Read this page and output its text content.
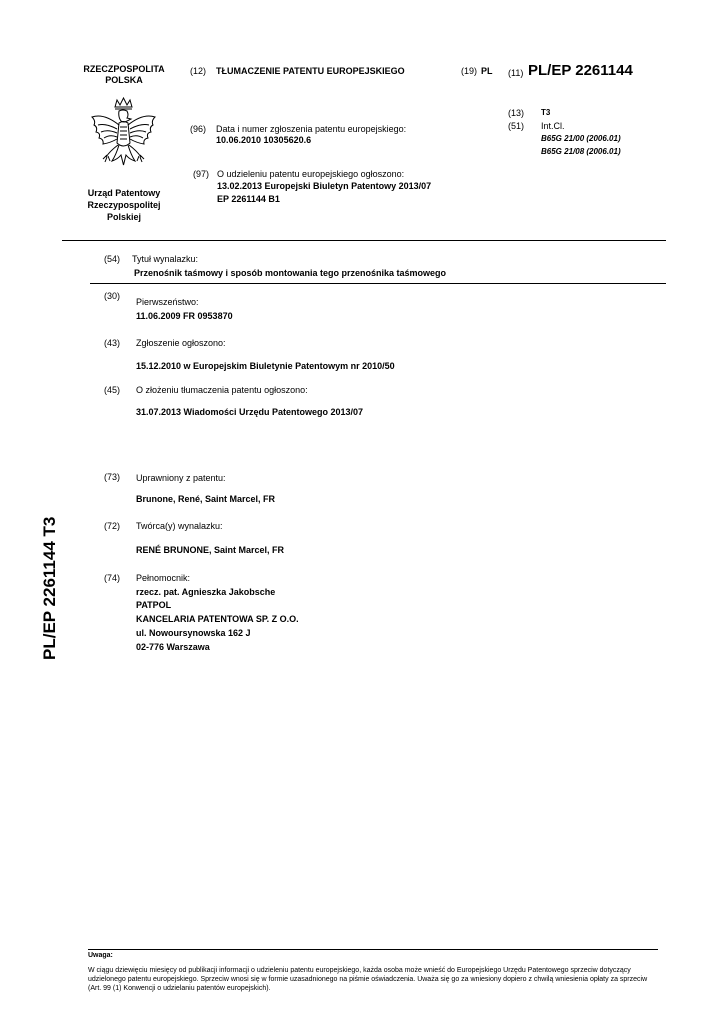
RZECZPOSPOLITA
POLSKA
Urząd Patentowy
Rzeczypospolitej
Polskiej
(12) TŁUMACZENIE PATENTU EUROPEJSKIEGO	(19) PL (11) PL/EP 2261144
(13) T3
(51) Int.Cl.
B65G 21/00 (2006.01)
B65G 21/08 (2006.01)
(96) Data i numer zgłoszenia patentu europejskiego:
10.06.2010 10305620.6
(97) O udzieleniu patentu europejskiego ogłoszono:
13.02.2013 Europejski Biuletyn Patentowy 2013/07
EP 2261144 B1
(54) Tytuł wynalazku:
Przenośnik taśmowy i sposób montowania tego przenośnika taśmowego
(30)
Pierwszeństwo:
11.06.2009 FR 0953870
(43) Zgłoszenie ogłoszono:
15.12.2010 w Europejskim Biuletynie Patentowym nr 2010/50
(45) O złożeniu tłumaczenia patentu ogłoszono:
31.07.2013 Wiadomości Urzędu Patentowego 2013/07
(73) Uprawniony z patentu:
Brunone, René, Saint Marcel, FR
(72) Twórca(y) wynalazku:
RENÉ BRUNONE, Saint Marcel, FR
(74) Pełnomocnik:
rzecz. pat. Agnieszka Jakobsche
PATPOL
KANCELARIA PATENTOWA SP. Z O.O.
ul. Nowoursynowska 162 J
02-776 Warszawa
PL/EP 2261144 T3
Uwaga:
W ciągu dziewięciu miesięcy od publikacji informacji o udzieleniu patentu europejskiego, każda osoba może wnieść do Europejskiego Urzędu Patentowego sprzeciw dotyczący udzielonego patentu europejskiego. Sprzeciw wnosi się w formie uzasadnionego na piśmie oświadczenia. Uważa się go za wniesiony dopiero z chwilą wniesienia opłaty za sprzeciw (Art. 99 (1) Konwencji o udzielaniu patentów europejskich).
